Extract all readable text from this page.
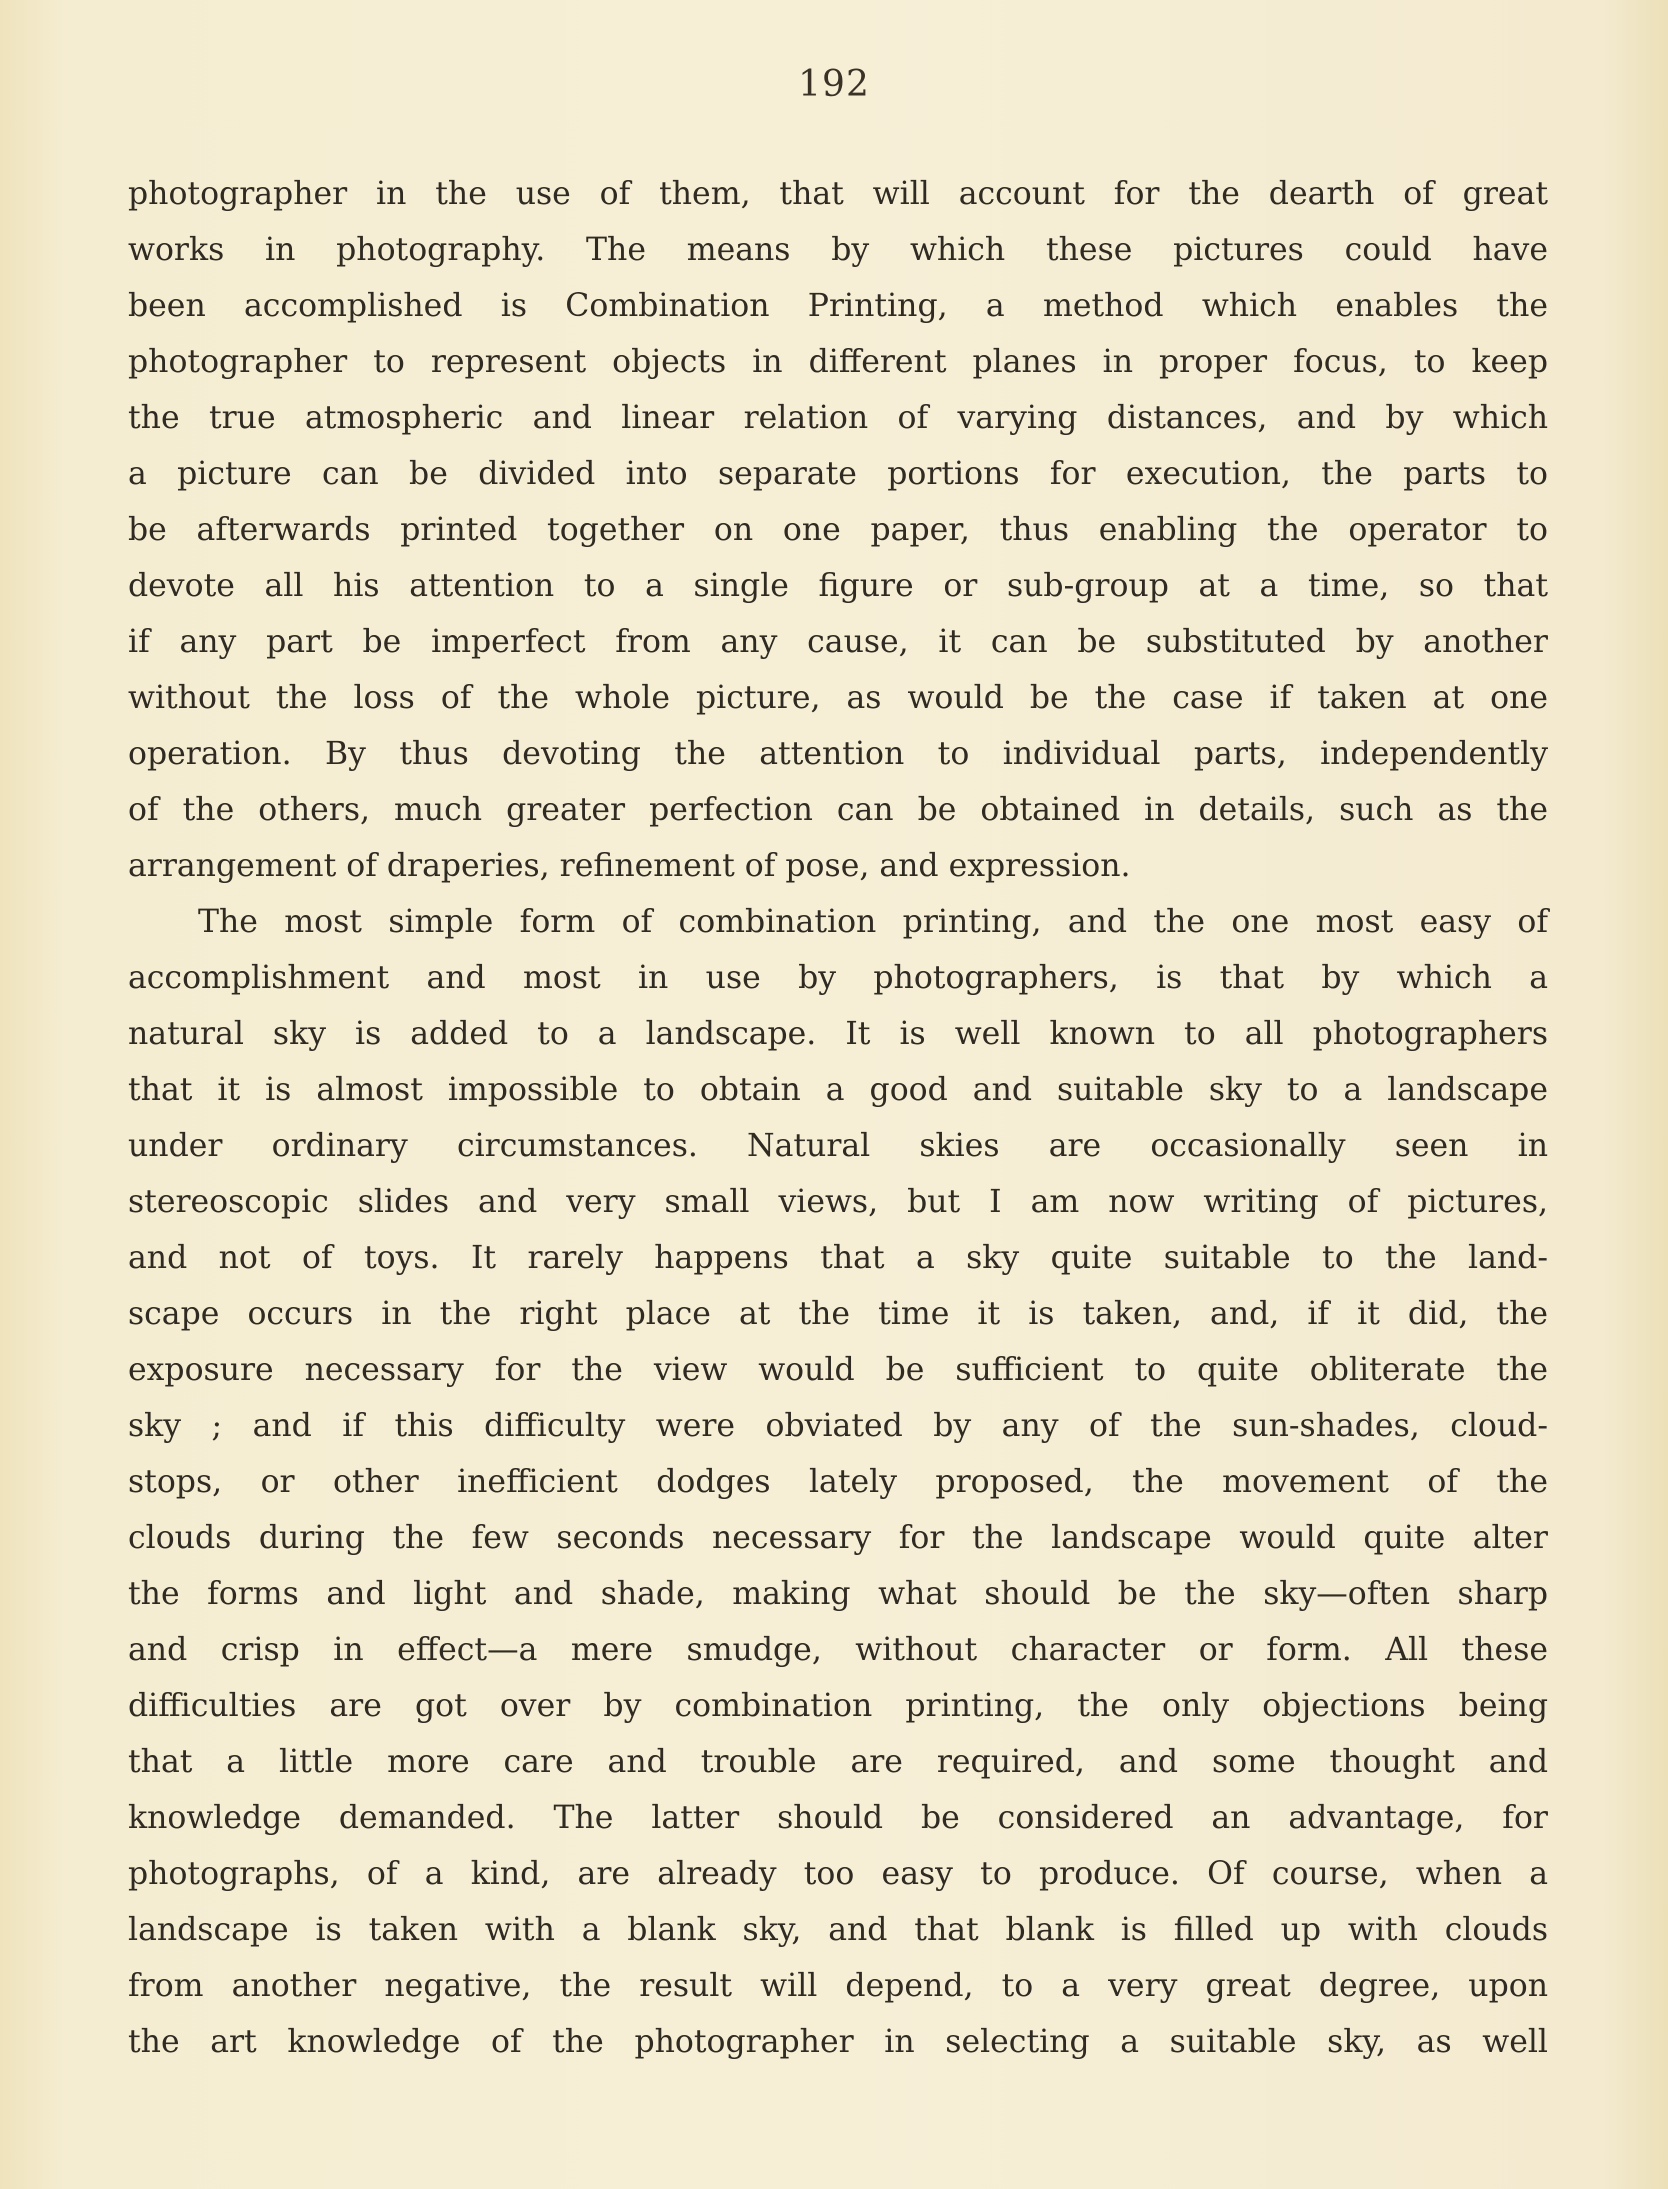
192
photographer in the use of them, that will account for the dearth of great
works in photography. The means by which these pictures could have
been accomplished is Combination Printing, a method which enables the
photographer to represent objects in different planes in proper focus, to keep
the true atmospheric and linear relation of varying distances, and by which
a picture can be divided into separate portions for execution, the parts to
be afterwards printed together on one paper, thus enabling the operator to
devote all his attention to a single figure or sub-group at a time, so that
if any part be imperfect from any cause, it can be substituted by another
without the loss of the whole picture, as would be the case if taken at one
operation. By thus devoting the attention to individual parts, independently
of the others, much greater perfection can be obtained in details, such as the
arrangement of draperies, refinement of pose, and expression.
The most simple form of combination printing, and the one most easy of
accomplishment and most in use by photographers, is that by which a
natural sky is added to a landscape. It is well known to all photographers
that it is almost impossible to obtain a good and suitable sky to a landscape
under ordinary circumstances. Natural skies are occasionally seen in
stereoscopic slides and very small views, but I am now writing of pictures,
and not of toys. It rarely happens that a sky quite suitable to the land-
scape occurs in the right place at the time it is taken, and, if it did, the
exposure necessary for the view would be sufficient to quite obliterate the
sky ; and if this difficulty were obviated by any of the sun-shades, cloud-
stops, or other inefficient dodges lately proposed, the movement of the
clouds during the few seconds necessary for the landscape would quite alter
the forms and light and shade, making what should be the sky—often sharp
and crisp in effect—a mere smudge, without character or form. All these
difficulties are got over by combination printing, the only objections being
that a little more care and trouble are required, and some thought and
knowledge demanded. The latter should be considered an advantage, for
photographs, of a kind, are already too easy to produce. Of course, when a
landscape is taken with a blank sky, and that blank is filled up with clouds
from another negative, the result will depend, to a very great degree, upon
the art knowledge of the photographer in selecting a suitable sky, as well
